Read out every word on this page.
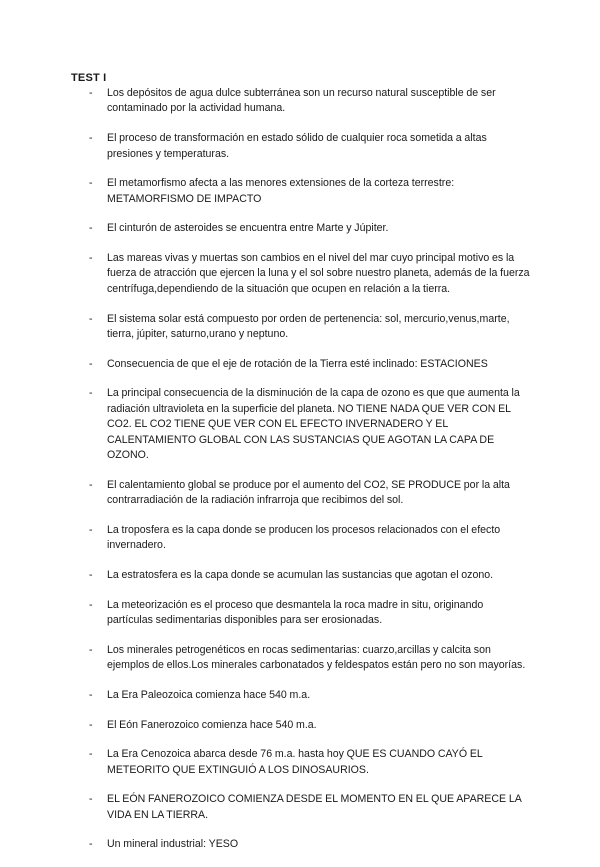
TEST I
- Los depósitos de agua dulce subterránea son un recurso natural susceptible de ser contaminado por la actividad humana.
- El proceso de transformación en estado sólido de cualquier roca sometida a altas presiones y temperaturas.
- El metamorfismo afecta a las menores extensiones de la corteza terrestre: METAMORFISMO DE IMPACTO
- El cinturón de asteroides se encuentra entre Marte y Júpiter.
- Las mareas vivas y muertas son cambios en el nivel del mar cuyo principal motivo es la fuerza de atracción que ejercen la luna y el sol sobre nuestro planeta, además de la fuerza centrífuga,dependiendo de la situación que ocupen en relación a la tierra.
- El sistema solar está compuesto por orden de pertenencia: sol, mercurio,venus,marte, tierra, júpiter, saturno,urano y neptuno.
- Consecuencia de que el eje de rotación de la Tierra esté inclinado: ESTACIONES
- La principal consecuencia de la disminución de la capa de ozono es que que aumenta la radiación ultravioleta en la superficie del planeta. NO TIENE NADA QUE VER CON EL CO2. EL CO2 TIENE QUE VER CON EL EFECTO INVERNADERO Y EL CALENTAMIENTO GLOBAL CON LAS SUSTANCIAS QUE AGOTAN LA CAPA DE OZONO.
- El calentamiento global se produce por el aumento del CO2, SE PRODUCE por la alta contrarradiación de la radiación infrarroja que recibimos del sol.
- La troposfera es la capa donde se producen los procesos relacionados con el efecto invernadero.
- La estratosfera es la capa donde se acumulan las sustancias que agotan el ozono.
- La meteorización es el proceso que desmantela la roca madre in situ, originando partículas sedimentarias disponibles para ser erosionadas.
- Los minerales petrogenéticos en rocas sedimentarias: cuarzo,arcillas y calcita son ejemplos de ellos.Los minerales carbonatados y feldespatos están pero no son mayorías.
- La Era Paleozoica comienza hace 540 m.a.
- El Eón Fanerozoico comienza hace 540 m.a.
- La Era Cenozoica abarca desde 76 m.a. hasta hoy QUE ES CUANDO CAYÓ EL METEORITO QUE EXTINGUIÓ A LOS DINOSAURIOS.
- EL EÓN FANEROZOICO COMIENZA DESDE EL MOMENTO EN EL QUE APARECE LA VIDA EN LA TIERRA.
- Un mineral industrial: YESO
